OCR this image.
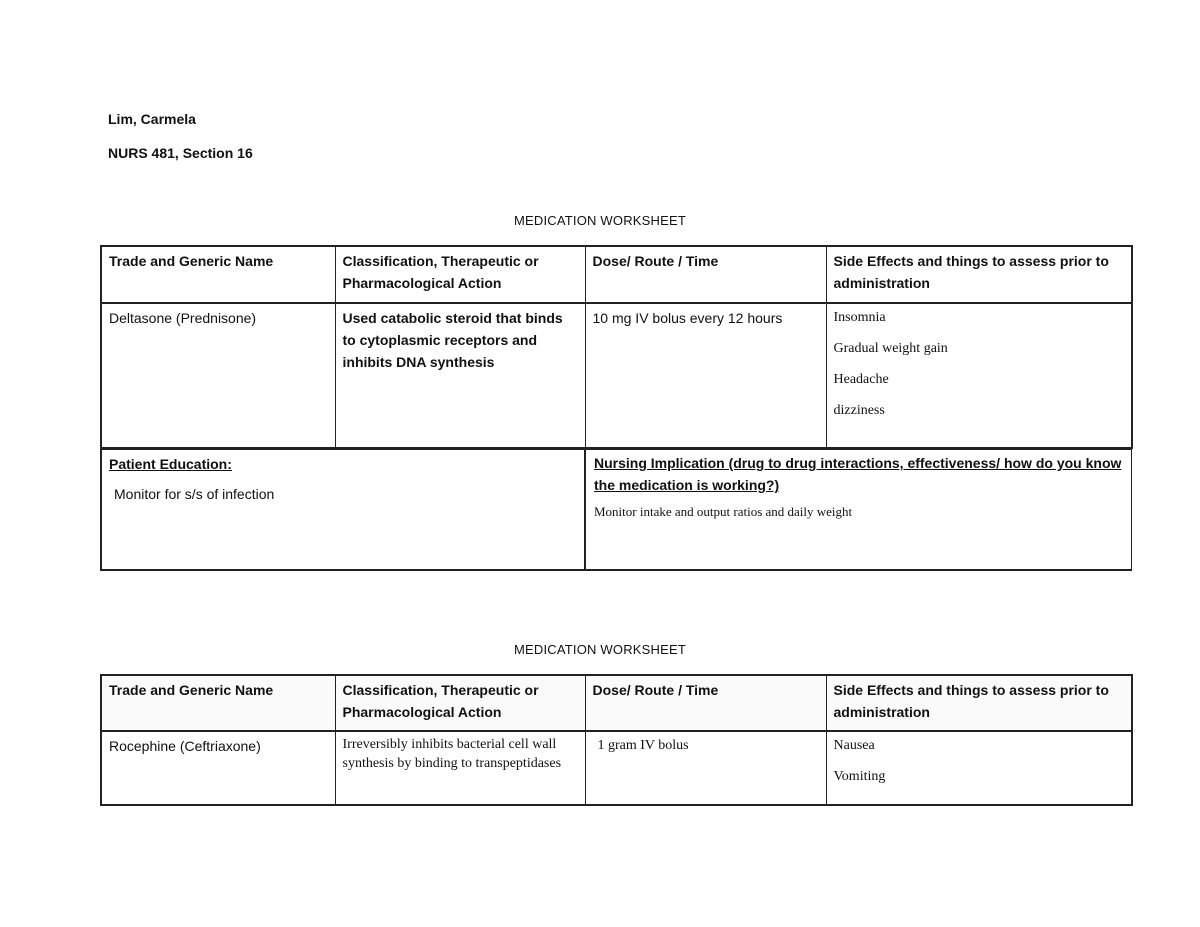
Lim, Carmela
NURS 481, Section 16
MEDICATION WORKSHEET
Trade and Generic Name	Classification, Therapeutic or Pharmacological Action	Dose/ Route / Time	Side Effects and things to assess prior to administration
Deltasone (Prednisone)	Used catabolic steroid that binds to cytoplasmic receptors and inhibits DNA synthesis	10 mg IV bolus every 12 hours	Insomnia
Gradual weight gain
Headache
dizziness
Patient Education:
Monitor for s/s of infection
Nursing Implication (drug to drug interactions, effectiveness/ how do you know the medication is working?)
Monitor intake and output ratios and daily weight
MEDICATION WORKSHEET
Trade and Generic Name	Classification, Therapeutic or Pharmacological Action	Dose/ Route / Time	Side Effects and things to assess prior to administration
Rocephine (Ceftriaxone)	Irreversibly inhibits bacterial cell wall synthesis by binding to transpeptidases	1 gram IV bolus	Nausea
Vomiting
